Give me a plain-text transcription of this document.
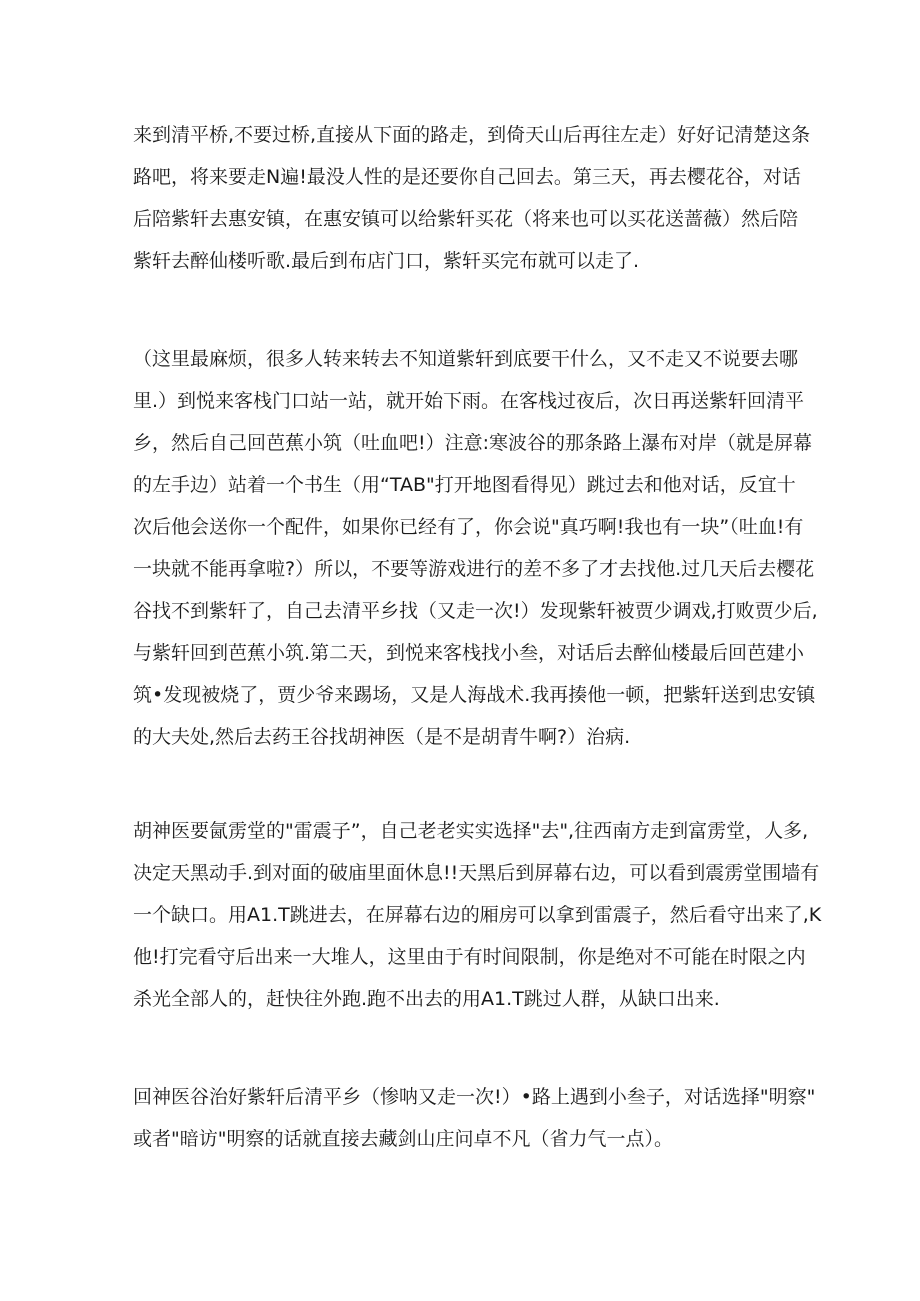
来到清平桥,不要过桥,直接从下面的路走，到倚天山后再往左走）好好记清楚这条
路吧，将来要走N遍!最没人性的是还要你自己回去。第三天，再去樱花谷，对话
后陪紫轩去惠安镇，在惠安镇可以给紫轩买花（将来也可以买花送蔷薇）然后陪
紫轩去醉仙楼听歌.最后到布店门口，紫轩买完布就可以走了.
（这里最麻烦，很多人转来转去不知道紫轩到底要干什么，又不走又不说要去哪
里.）到悦来客栈门口站一站，就开始下雨。在客栈过夜后，次日再送紫轩回清平
乡，然后自己回芭蕉小筑（吐血吧!）注意:寒波谷的那条路上瀑布对岸（就是屏幕
的左手边）站着一个书生（用“TAB"打开地图看得见）跳过去和他对话，反宜十
次后他会送你一个配件，如果你已经有了，你会说"真巧啊!我也有一块”（吐血!有
一块就不能再拿啦?）所以，不要等游戏进行的差不多了才去找他.过几天后去樱花
谷找不到紫轩了，自己去清平乡找（又走一次!）发现紫轩被贾少调戏,打败贾少后,
与紫轩回到芭蕉小筑.第二天，到悦来客栈找小叁，对话后去醉仙楼最后回芭建小
筑•发现被烧了，贾少爷来踢场，又是人海战术.我再揍他一顿，把紫轩送到忠安镇
的大夫处,然后去药王谷找胡神医（是不是胡青牛啊?）治病.
胡神医要氤雳堂的"雷震子”，自己老老实实选择"去",往西南方走到富雳堂，人多,
决定天黑动手.到对面的破庙里面休息!!天黑后到屏幕右边，可以看到震雳堂围墙有
一个缺口。用A1.T跳进去，在屏幕右边的厢房可以拿到雷震子，然后看守出来了,K
他!打完看守后出来一大堆人，这里由于有时间限制，你是绝对不可能在时限之内
杀光全部人的，赶快往外跑.跑不出去的用A1.T跳过人群，从缺口出来.
回神医谷治好紫轩后清平乡（惨呐又走一次!）•路上遇到小叁子，对话选择"明察"
或者"暗访"明察的话就直接去藏剑山庄问卓不凡（省力气一点）。
